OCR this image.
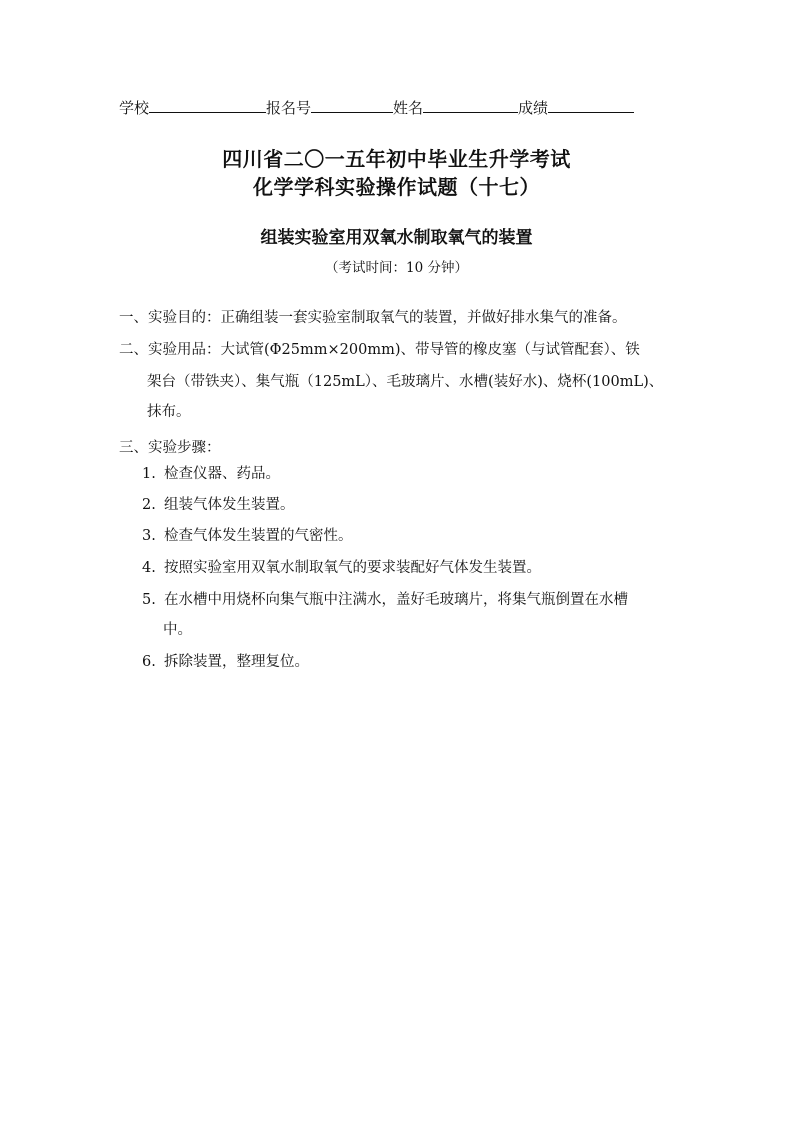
学校	报名号	姓名	成绩
四川省二〇一五年初中毕业生升学考试
化学学科实验操作试题（十七）
组装实验室用双氧水制取氧气的装置
（考试时间：10 分钟）
一、实验目的：正确组装一套实验室制取氧气的装置，并做好排水集气的准备。
二、实验用品：大试管(Φ25mm×200mm)、带导管的橡皮塞（与试管配套）、铁
架台（带铁夹）、集气瓶（125mL）、毛玻璃片、水槽(装好水)、烧杯(100mL)、
抹布。
三、实验步骤：
1. 检查仪器、药品。
2. 组装气体发生装置。
3. 检查气体发生装置的气密性。
4. 按照实验室用双氧水制取氧气的要求装配好气体发生装置。
5. 在水槽中用烧杯向集气瓶中注满水，盖好毛玻璃片，将集气瓶倒置在水槽
中。
6. 拆除装置，整理复位。
